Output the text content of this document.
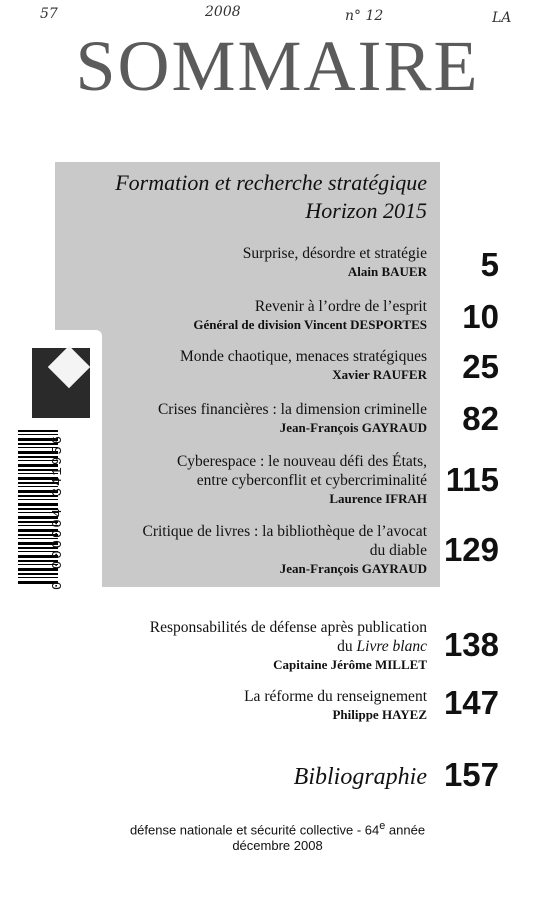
57	2008	n° 12	LA
SOMMAIRE
Formation et recherche stratégique
Horizon 2015
Surprise, désordre et stratégie
Alain BAUER 5
Revenir à l’ordre de l’esprit
Général de division Vincent DESPORTES 10
Monde chaotique, menaces stratégiques
Xavier RAUFER 25
Crises financières : la dimension criminelle
Jean-François GAYRAUD 82
Cyberespace : le nouveau défi des États,
entre cyberconflit et cybercriminalité
Laurence IFRAH
115
Critique de livres : la bibliothèque de l’avocat
du diable
Jean-François GAYRAUD
129
Responsabilités de défense après publication
du Livre blanc
Capitaine Jérôme MILLET
138
La réforme du renseignement
Philippe HAYEZ 147
Bibliographie 157
0 000004 341956
défense nationale et sécurité collective - 64e année
décembre 2008
